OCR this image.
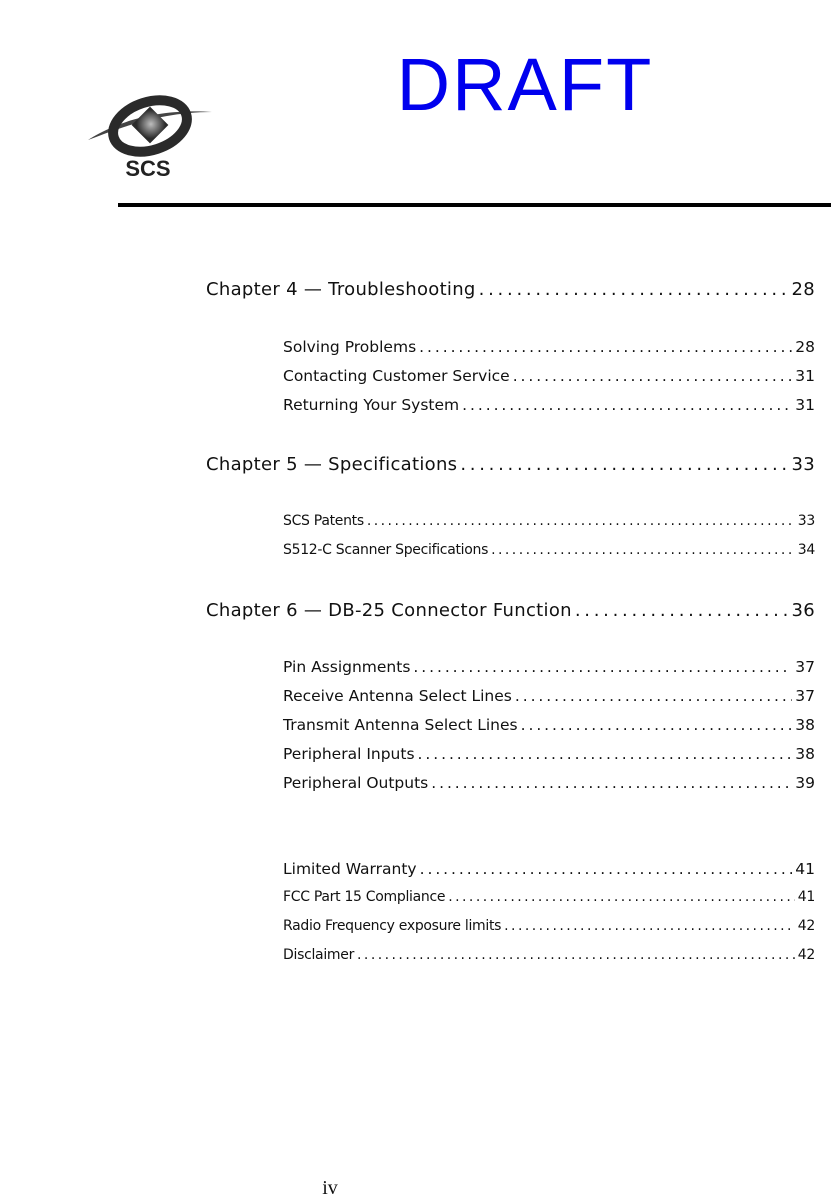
DRAFT
SCS
Chapter 4 — Troubleshooting . . .	28
Solving Problems . . .	28
Contacting Customer Service . . .	31
Returning Your System . . .	31
Chapter 5 — Specifications . . .	33
SCS Patents . . .	33
S512-C Scanner Specifications . . .	34
Chapter 6 — DB-25 Connector Function . . .	36
Pin Assignments . . .	37
Receive Antenna Select Lines . . .	37
Transmit Antenna Select Lines . . .	38
Peripheral Inputs . . .	38
Peripheral Outputs . . .	39
Limited Warranty . . .	41
FCC Part 15 Compliance . . .	41
Radio Frequency exposure limits . . .	42
Disclaimer . . .	42
iv
